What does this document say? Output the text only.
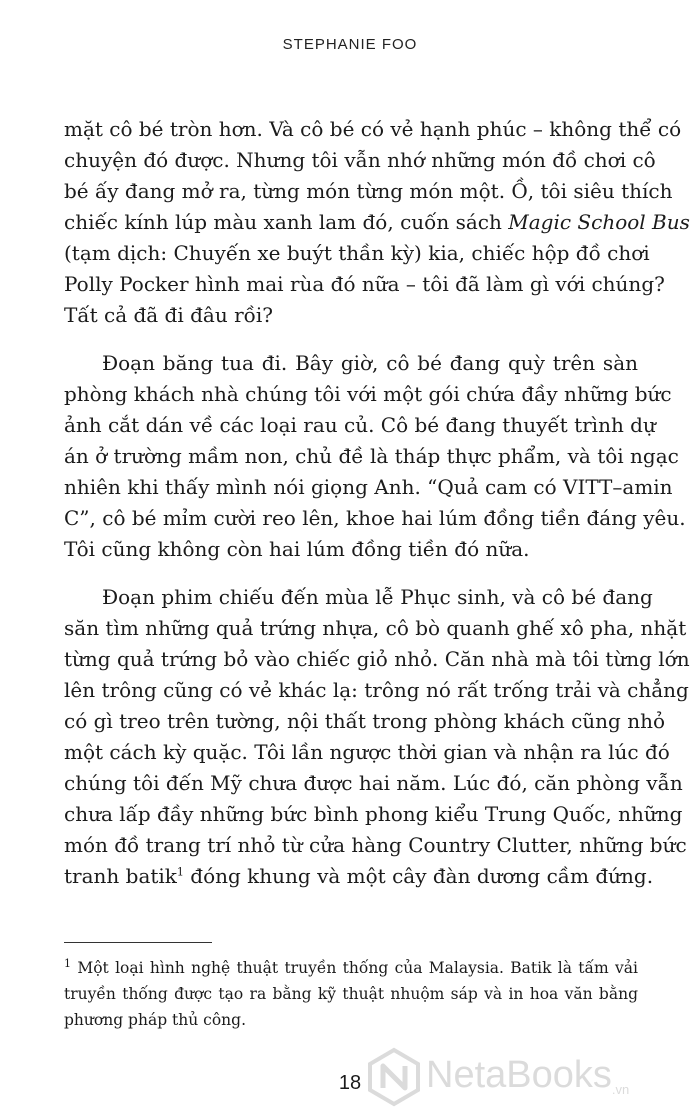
STEPHANIE FOO
mặt cô bé tròn hơn. Và cô bé có vẻ hạnh phúc – không thể có
chuyện đó được. Nhưng tôi vẫn nhớ những món đồ chơi cô
bé ấy đang mở ra, từng món từng món một. Ồ, tôi siêu thích
chiếc kính lúp màu xanh lam đó, cuốn sách Magic School Bus
(tạm dịch: Chuyến xe buýt thần kỳ) kia, chiếc hộp đồ chơi
Polly Pocker hình mai rùa đó nữa – tôi đã làm gì với chúng?
Tất cả đã đi đâu rồi?
Đoạn băng tua đi. Bây giờ, cô bé đang quỳ trên sàn
phòng khách nhà chúng tôi với một gói chứa đầy những bức
ảnh cắt dán về các loại rau củ. Cô bé đang thuyết trình dự
án ở trường mầm non, chủ đề là tháp thực phẩm, và tôi ngạc
nhiên khi thấy mình nói giọng Anh. “Quả cam có VITT–amin
C”, cô bé mỉm cười reo lên, khoe hai lúm đồng tiền đáng yêu.
Tôi cũng không còn hai lúm đồng tiền đó nữa.
Đoạn phim chiếu đến mùa lễ Phục sinh, và cô bé đang
săn tìm những quả trứng nhựa, cô bò quanh ghế xô pha, nhặt
từng quả trứng bỏ vào chiếc giỏ nhỏ. Căn nhà mà tôi từng lớn
lên trông cũng có vẻ khác lạ: trông nó rất trống trải và chẳng
có gì treo trên tường, nội thất trong phòng khách cũng nhỏ
một cách kỳ quặc. Tôi lần ngược thời gian và nhận ra lúc đó
chúng tôi đến Mỹ chưa được hai năm. Lúc đó, căn phòng vẫn
chưa lấp đầy những bức bình phong kiểu Trung Quốc, những
món đồ trang trí nhỏ từ cửa hàng Country Clutter, những bức
tranh batik$^1$ đóng khung và một cây đàn dương cầm đứng.
$^1$ Một loại hình nghệ thuật truyền thống của Malaysia. Batik là tấm vải
truyền thống được tạo ra bằng kỹ thuật nhuộm sáp và in hoa văn bằng
phương pháp thủ công.
18	NetaBooks.vn
